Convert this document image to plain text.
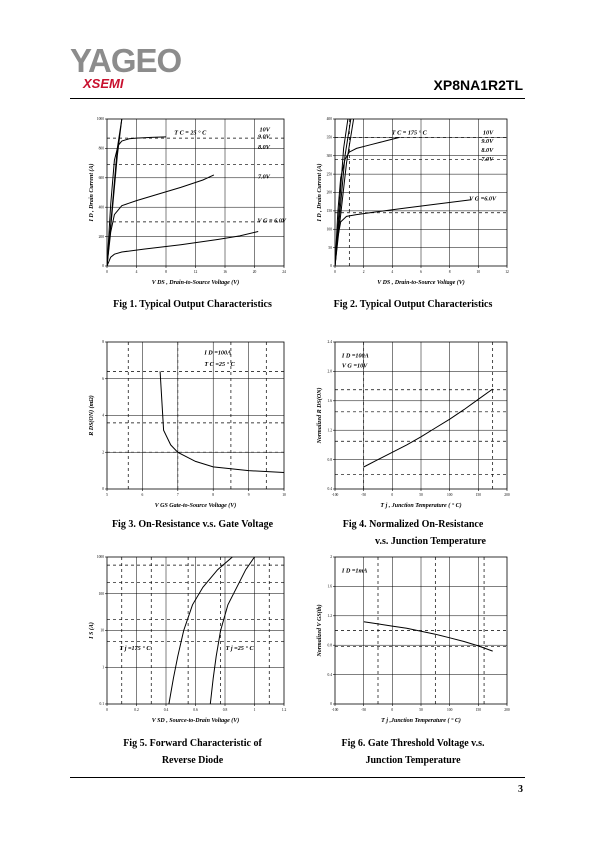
YAGEO
XSEMI	XP8NA1R2TL
0	4	8	12	16	20	24
0
200
400
600
800
1000
V DS , Drain-to-Source Voltage (V)
I D , Drain Current (A)
T C = 25 ° C	10V
9.0V
8.0V
7.0V
V G = 6.0V
Fig 1. Typical Output Characteristics
0	2	4	6	8	10	12
0
50
100
150
200
250
300
350
400
V DS , Drain-to-Source Voltage (V)
I D , Drain Current (A)
T C = 175 ° C	10V
9.0V
8.0V
7.0V
V G =6.0V
Fig 2. Typical Output Characteristics
5	6	7	8	9	10
0
2
4
6
8
V GS Gate-to-Source Voltage (V)
R DS(ON) (mΩ)
I D =100A
T C =25 ° C
Fig 3. On-Resistance v.s. Gate Voltage
-100	-50	0	50	100	150	200
0.4
0.8
1.2
1.6
2.0
2.4
T j , Junction Temperature ( ° C)
Normalized R DS(ON)
I D =100A
V G =10V
Fig 4. Normalized On-Resistance
v.s. Junction Temperature
0	0.2	0.4	0.6	0.8	1	1.2
0.1
1
10
100
1000
V SD , Source-to-Drain Voltage (V)
I S (A)
T j =175 ° C	T j =25 ° C
Fig 5. Forward Characteristic of
Reverse Diode
-100	-50	0	50	100	150	200
0
0.4
0.8
1.2
1.6
2
T j ,Junction Temperature ( ° C)
Normalized V GS(th)
I D =1mA
Fig 6. Gate Threshold Voltage v.s.
Junction Temperature
3
